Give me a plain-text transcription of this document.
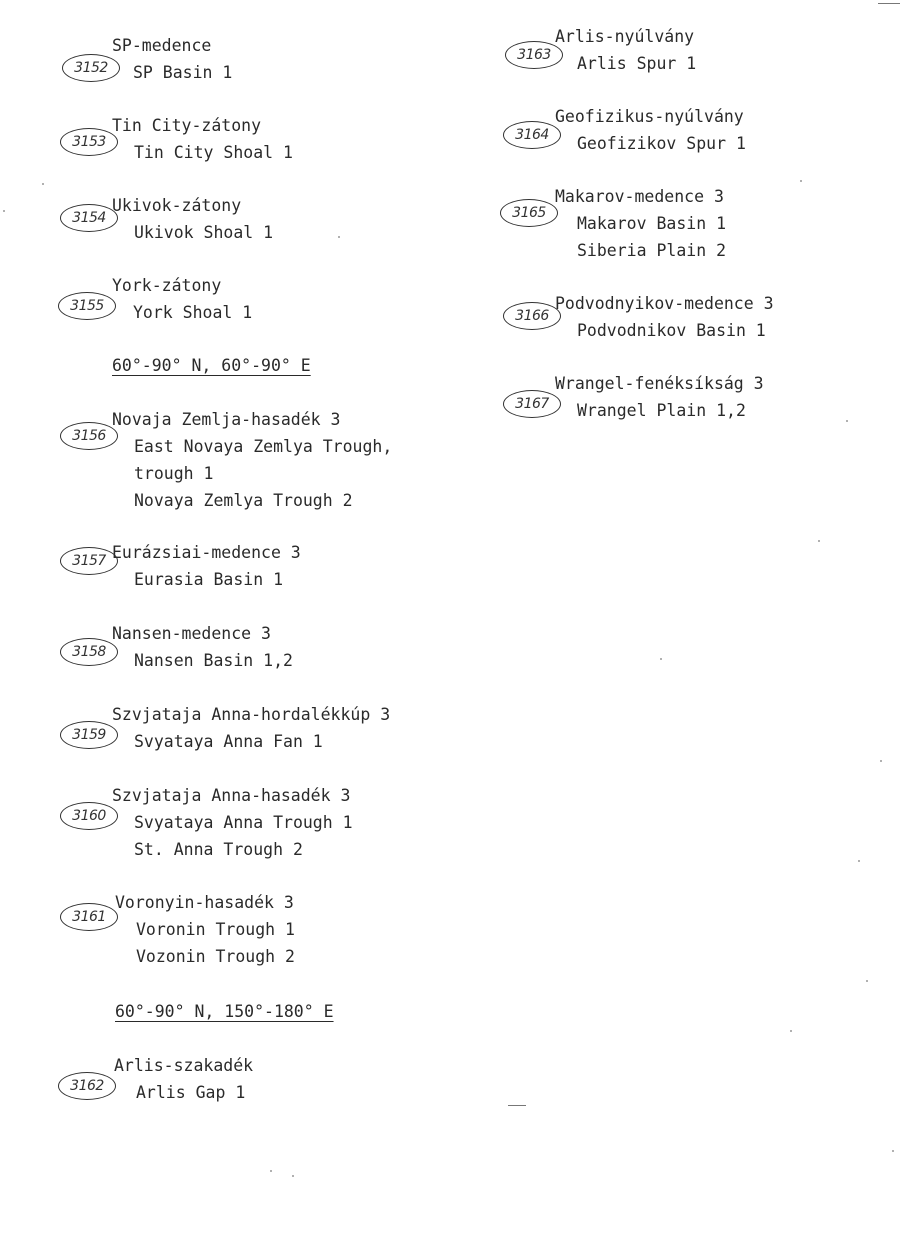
3152
SP-medence
SP Basin 1
3153
Tin City-zátony
Tin City Shoal 1
3154
Ukivok-zátony
Ukivok Shoal 1
3155
York-zátony
York Shoal 1
60°-90° N, 60°-90° E
3156
Novaja Zemlja-hasadék 3
East Novaya Zemlya Trough,
trough 1
Novaya Zemlya Trough 2
3157 Eurázsiai-medence 3
Eurasia Basin 1
3158
Nansen-medence 3
Nansen Basin 1,2
3159
Szvjataja Anna-hordalékkúp 3
Svyataya Anna Fan 1
3160
Szvjataja Anna-hasadék 3
Svyataya Anna Trough 1
St. Anna Trough 2
3161
Voronyin-hasadék 3
Voronin Trough 1
Vozonin Trough 2
60°-90° N, 150°-180° E
3162
Arlis-szakadék
Arlis Gap 1
3163
Arlis-nyúlvány
Arlis Spur 1
3164
Geofizikus-nyúlvány
Geofizikov Spur 1
3165
Makarov-medence 3
Makarov Basin 1
Siberia Plain 2
3166
Podvodnyikov-medence 3
Podvodnikov Basin 1
3167
Wrangel-fenéksíkság 3
Wrangel Plain 1,2
